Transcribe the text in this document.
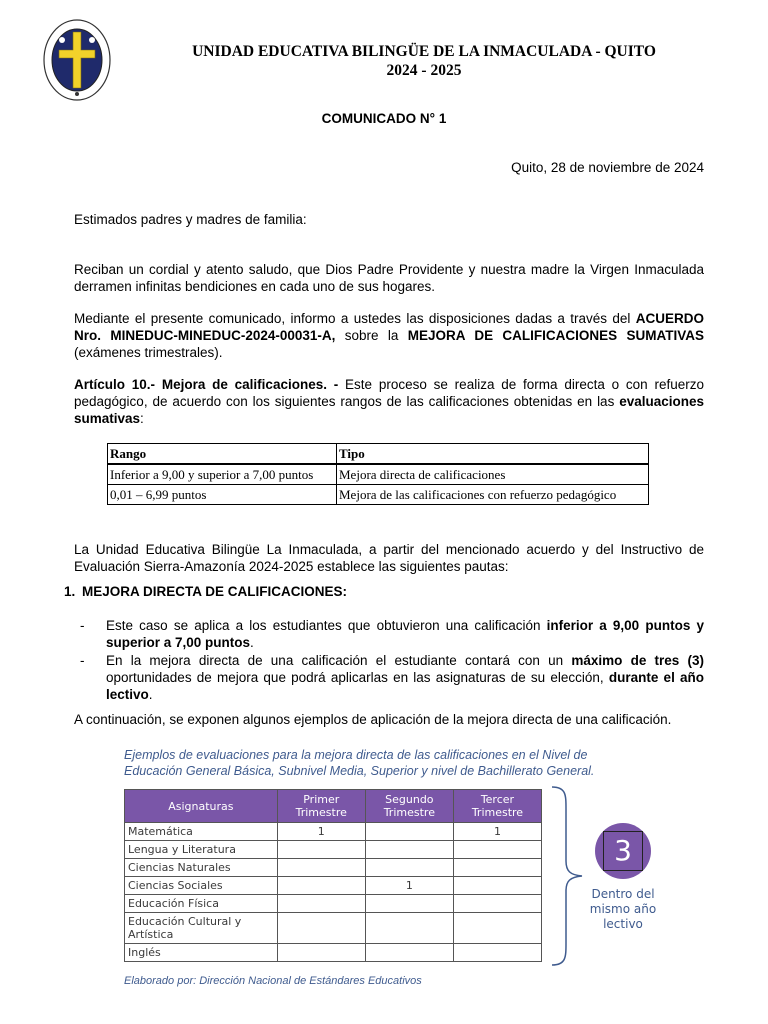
UNIDAD EDUCATIVA BILINGÜE DE LA INMACULADA - QUITO
2024 - 2025
COMUNICADO N° 1
Quito, 28 de noviembre de 2024
Estimados padres y madres de familia:
Reciban un cordial y atento saludo, que Dios Padre Providente y nuestra madre la Virgen Inmaculada derramen infinitas bendiciones en cada uno de sus hogares.
Mediante el presente comunicado, informo a ustedes las disposiciones dadas a través del ACUERDO Nro. MINEDUC-MINEDUC-2024-00031-A, sobre la MEJORA DE CALIFICACIONES SUMATIVAS (exámenes trimestrales).
Artículo 10.- Mejora de calificaciones. - Este proceso se realiza de forma directa o con refuerzo pedagógico, de acuerdo con los siguientes rangos de las calificaciones obtenidas en las evaluaciones sumativas:
Rango	Tipo
Inferior a 9,00 y superior a 7,00 puntos	Mejora directa de calificaciones
0,01 – 6,99 puntos	Mejora de las calificaciones con refuerzo pedagógico
La Unidad Educativa Bilingüe La Inmaculada, a partir del mencionado acuerdo y del Instructivo de Evaluación Sierra-Amazonía 2024-2025 establece las siguientes pautas:
1. MEJORA DIRECTA DE CALIFICACIONES:
- Este caso se aplica a los estudiantes que obtuvieron una calificación inferior a 9,00 puntos y superior a 7,00 puntos.
- En la mejora directa de una calificación el estudiante contará con un máximo de tres (3) oportunidades de mejora que podrá aplicarlas en las asignaturas de su elección, durante el año lectivo.
A continuación, se exponen algunos ejemplos de aplicación de la mejora directa de una calificación.
Ejemplos de evaluaciones para la mejora directa de las calificaciones en el Nivel de
Educación General Básica, Subnivel Media, Superior y nivel de Bachillerato General.
Asignaturas	Primer Trimestre	Segundo Trimestre	Tercer Trimestre
Matemática	1		1
Lengua y Literatura			
Ciencias Naturales			
Ciencias Sociales		1	
Educación Física			
Educación Cultural y Artística			
Inglés			
3
Dentro del mismo año lectivo
Elaborado por: Dirección Nacional de Estándares Educativos
